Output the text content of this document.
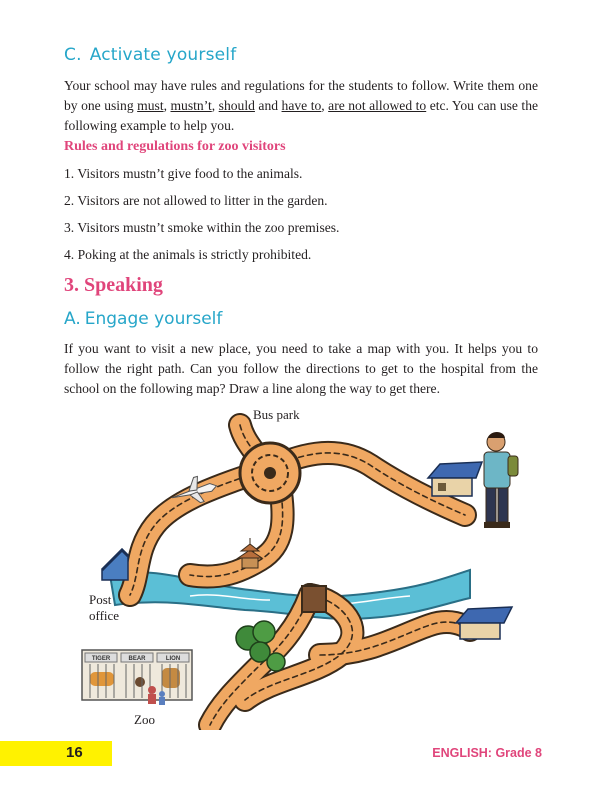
C. Activate yourself
Your school may have rules and regulations for the students to follow. Write them one by one using must, mustn’t, should and have to, are not allowed to etc. You can use the following example to help you.
Rules and regulations for zoo visitors
1. Visitors mustn’t give food to the animals.
2. Visitors are not allowed to litter in the garden.
3. Visitors mustn’t smoke within the zoo premises.
4. Poking at the animals is strictly prohibited.
3. Speaking
A. Engage yourself
If you want to visit a new place, you need to take a map with you. It helps you to follow the right path. Can you follow the directions to get to the hospital from the school on the following map? Draw a line along the way to get there.
TIGER	BEAR	LION
Bus park
Post
office
Zoo
16	ENGLISH: Grade 8
